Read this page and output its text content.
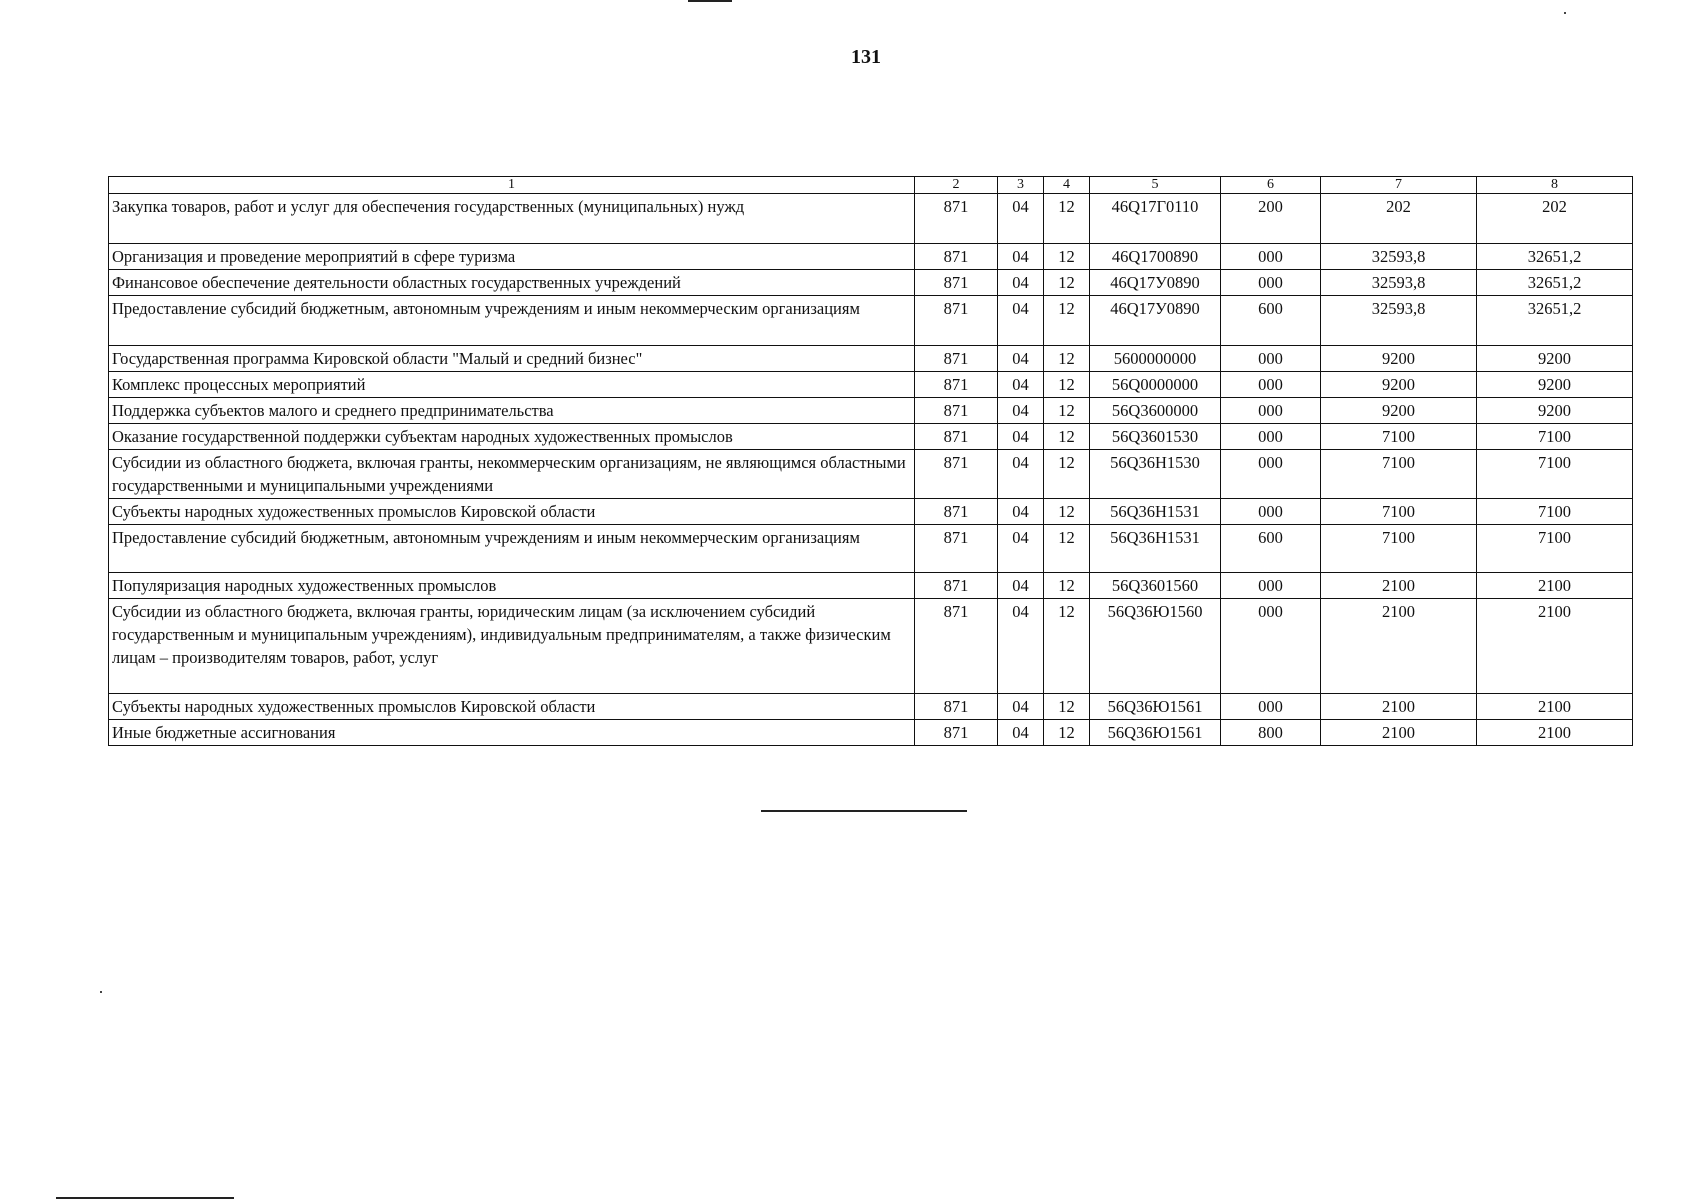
131
1	2	3	4	5	6	7	8
Закупка товаров, работ и услуг для обеспечения государственных (муниципальных) нужд	871	04	12	46Q17Г0110	200	202	202
Организация и проведение мероприятий в сфере туризма	871	04	12	46Q1700890	000	32593,8	32651,2
Финансовое обеспечение деятельности областных государственных учреждений	871	04	12	46Q17У0890	000	32593,8	32651,2
Предоставление субсидий бюджетным, автономным учреждениям и иным некоммерческим организациям	871	04	12	46Q17У0890	600	32593,8	32651,2
Государственная программа Кировской области "Малый и средний бизнес"	871	04	12	5600000000	000	9200	9200
Комплекс процессных мероприятий	871	04	12	56Q0000000	000	9200	9200
Поддержка субъектов малого и среднего предпринимательства	871	04	12	56Q3600000	000	9200	9200
Оказание государственной поддержки субъектам народных художественных промыслов	871	04	12	56Q3601530	000	7100	7100
Субсидии из областного бюджета, включая гранты, некоммерческим организациям, не являющимся областными государственными и муниципальными учреждениями	871	04	12	56Q36H1530	000	7100	7100
Субъекты народных художественных промыслов Кировской области	871	04	12	56Q36H1531	000	7100	7100
Предоставление субсидий бюджетным, автономным учреждениям и иным некоммерческим организациям	871	04	12	56Q36H1531	600	7100	7100
Популяризация народных художественных промыслов	871	04	12	56Q3601560	000	2100	2100
Субсидии из областного бюджета, включая гранты, юридическим лицам (за исключением субсидий государственным и муниципальным учреждениям), индивидуальным предпринимателям, а также физическим лицам – производителям товаров, работ, услуг	871	04	12	56Q36Ю1560	000	2100	2100
Субъекты народных художественных промыслов Кировской области	871	04	12	56Q36Ю1561	000	2100	2100
Иные бюджетные ассигнования	871	04	12	56Q36Ю1561	800	2100	2100
